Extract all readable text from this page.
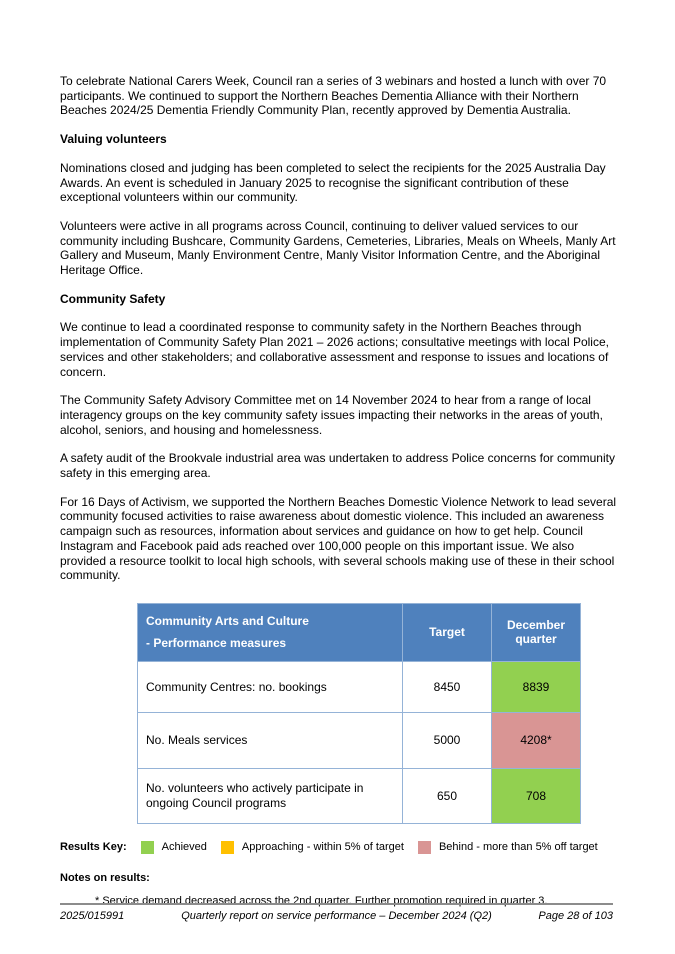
To celebrate National Carers Week, Council ran a series of 3 webinars and hosted a lunch with over 70 participants. We continued to support the Northern Beaches Dementia Alliance with their Northern Beaches 2024/25 Dementia Friendly Community Plan, recently approved by Dementia Australia.

Valuing volunteers

Nominations closed and judging has been completed to select the recipients for the 2025 Australia Day Awards. An event is scheduled in January 2025 to recognise the significant contribution of these exceptional volunteers within our community.

Volunteers were active in all programs across Council, continuing to deliver valued services to our community including Bushcare, Community Gardens, Cemeteries, Libraries, Meals on Wheels, Manly Art Gallery and Museum, Manly Environment Centre, Manly Visitor Information Centre, and the Aboriginal Heritage Office.

Community Safety

We continue to lead a coordinated response to community safety in the Northern Beaches through implementation of Community Safety Plan 2021 – 2026 actions; consultative meetings with local Police, services and other stakeholders; and collaborative assessment and response to issues and locations of concern.

The Community Safety Advisory Committee met on 14 November 2024 to hear from a range of local interagency groups on the key community safety issues impacting their networks in the areas of youth, alcohol, seniors, and housing and homelessness.

A safety audit of the Brookvale industrial area was undertaken to address Police concerns for community safety in this emerging area.

For 16 Days of Activism, we supported the Northern Beaches Domestic Violence Network to lead several community focused activities to raise awareness about domestic violence. This included an awareness campaign such as resources, information about services and guidance on how to get help. Council Instagram and Facebook paid ads reached over 100,000 people on this important issue. We also provided a resource toolkit to local high schools, with several schools making use of these in their school community.

Community Arts and Culture
- Performance measures	Target	December quarter
Community Centres: no. bookings	8450	8839
No. Meals services	5000	4208*
No. volunteers who actively participate in ongoing Council programs	650	708
Results Key:	Achieved	Approaching - within 5% of target	Behind - more than 5% off target
Notes on results:
* Service demand decreased across the 2nd quarter. Further promotion required in quarter 3.
2025/015991	Quarterly report on service performance – December 2024 (Q2)	Page 28 of 103
